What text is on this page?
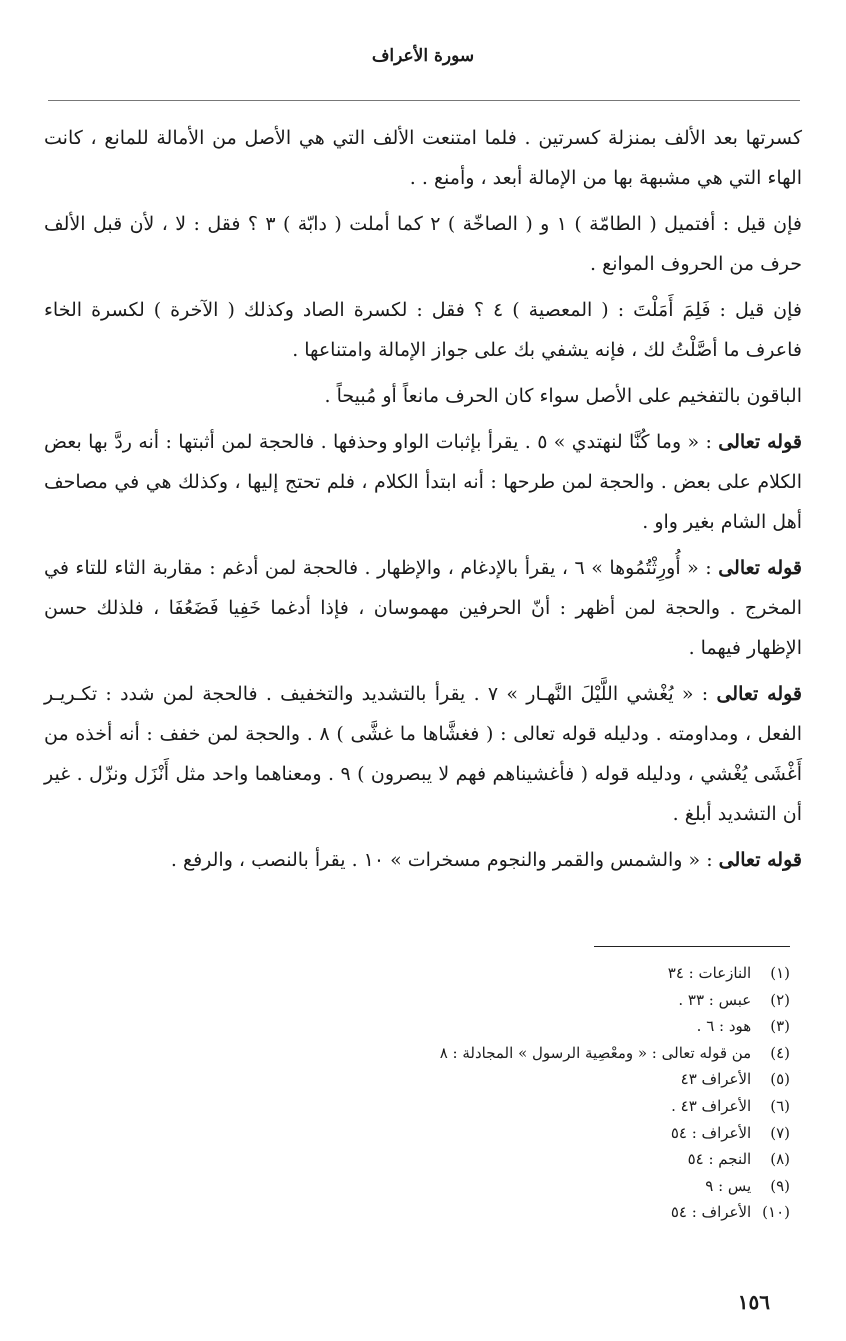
سورة الأعراف

كسرتها بعد الألف بمنزلة كسرتين . فلما امتنعت الألف التي هي الأصل من الأمالة للمانع ، كانت الهاء التي هي مشبهة بها من الإمالة أبعد ، وأمنع . .

فإن قيل : أفتميل ( الطامّة ) ١ و ( الصاخّة ) ٢ كما أملت ( دابّة ) ٣ ؟ فقل : لا ، لأن قبل الألف حرف من الحروف الموانع .

فإن قيل : فَلِمَ أَمَلْتَ : ( المعصية ) ٤ ؟ فقل : لكسرة الصاد وكذلك ( الآخرة ) لكسرة الخاء فاعرف ما أصَّلْتُ لك ، فإنه يشفي بك على جواز الإمالة وامتناعها .

الباقون بالتفخيم على الأصل سواء كان الحرف مانعاً أو مُبيحاً .

قوله تعالى : « وما كُنَّا لنهتدي » ٥ . يقرأ بإثبات الواو وحذفها . فالحجة لمن أثبتها : أنه ردَّ بها بعض الكلام على بعض . والحجة لمن طرحها : أنه ابتدأ الكلام ، فلم تحتج إليها ، وكذلك هي في مصاحف أهل الشام بغير واو .

قوله تعالى : « أُورِثْتُمُوها » ٦ ، يقرأ بالإدغام ، والإظهار . فالحجة لمن أدغم : مقاربة الثاء للتاء في المخرج . والحجة لمن أظهر : أنّ الحرفين مهموسان ، فإذا أدغما خَفِيا فَضَعُفَا ، فلذلك حسن الإظهار فيهما .

قوله تعالى : « يُغْشي اللَّيْلَ النَّهـار » ٧ . يقرأ بالتشديد والتخفيف . فالحجة لمن شدد : تكـريـر الفعل ، ومداومته . ودليله قوله تعالى : ( فغشَّاها ما غشَّى ) ٨ . والحجة لمن خفف : أنه أخذه من أَغْشَى يُغْشي ، ودليله قوله ( فأغشيناهم فهم لا يبصرون ) ٩ . ومعناهما واحد مثل أَنْزَل ونزّل . غير أن التشديد أبلغ .

قوله تعالى : « والشمس والقمر والنجوم مسخرات » ١٠ . يقرأ بالنصب ، والرفع .

(١) النازعات : ٣٤
(٢) عبس : ٣٣ .
(٣) هود : ٦ .
(٤) من قوله تعالى : « ومعْصِية الرسول » المجادلة : ٨
(٥) الأعراف ٤٣
(٦) الأعراف ٤٣ .
(٧) الأعراف : ٥٤
(٨) النجم : ٥٤
(٩) يس : ٩
(١٠) الأعراف : ٥٤
١٥٦
